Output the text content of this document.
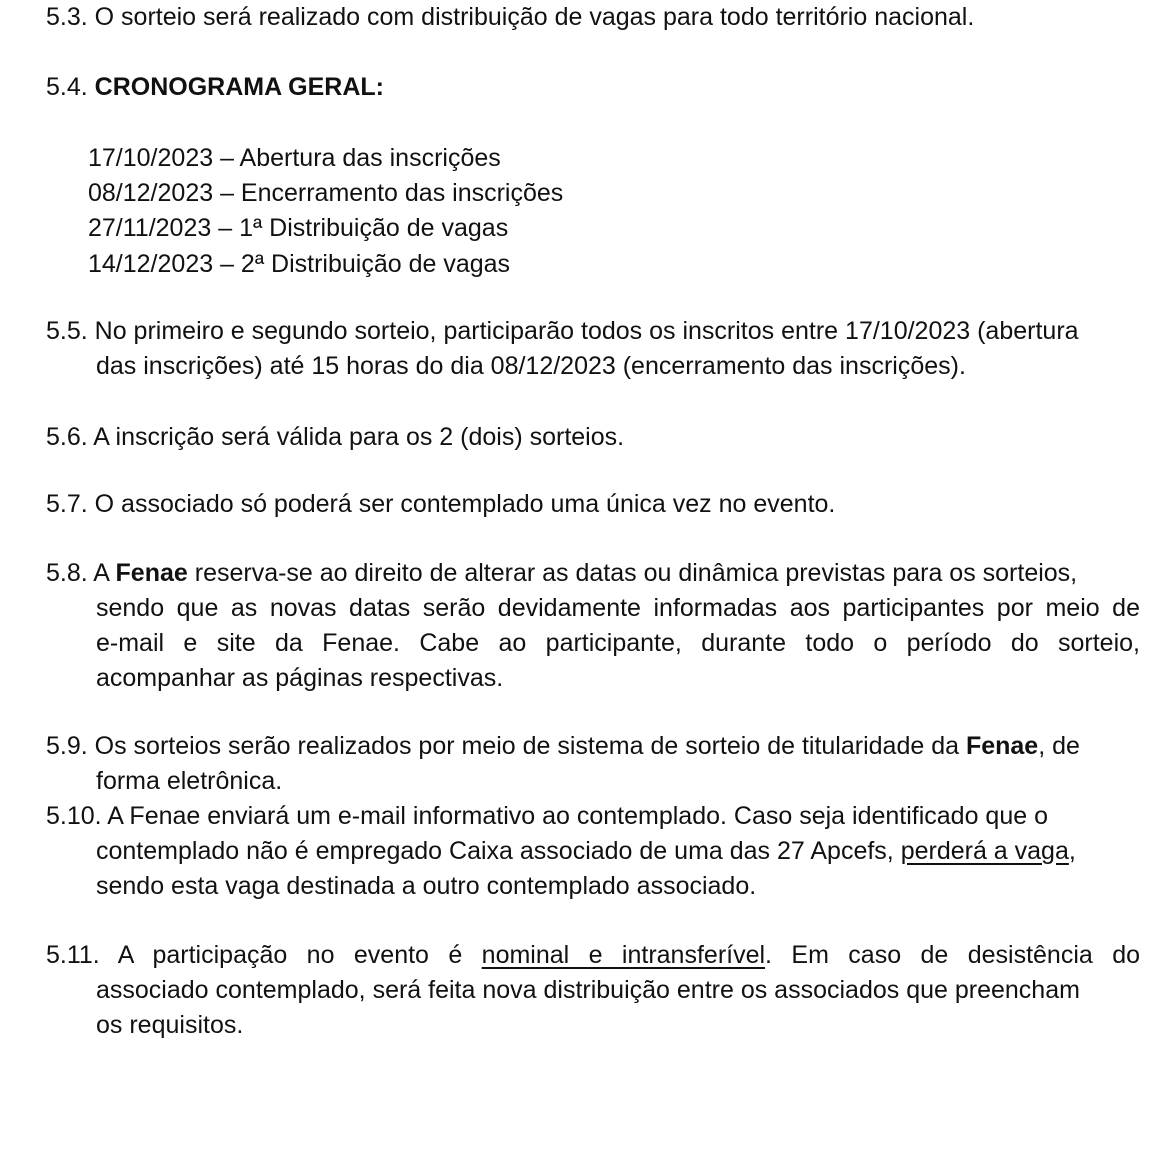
5.3. O sorteio será realizado com distribuição de vagas para todo território nacional.
5.4. CRONOGRAMA GERAL:
17/10/2023 – Abertura das inscrições
08/12/2023 – Encerramento das inscrições
27/11/2023 – 1ª Distribuição de vagas
14/12/2023 – 2ª Distribuição de vagas
5.5. No primeiro e segundo sorteio, participarão todos os inscritos entre 17/10/2023 (abertura
das inscrições) até 15 horas do dia 08/12/2023 (encerramento das inscrições).
5.6. A inscrição será válida para os 2 (dois) sorteios.
5.7. O associado só poderá ser contemplado uma única vez no evento.
5.8. A Fenae reserva-se ao direito de alterar as datas ou dinâmica previstas para os sorteios,
sendo que as novas datas serão devidamente informadas aos participantes por meio de
e-mail e site da Fenae. Cabe ao participante, durante todo o período do sorteio,
acompanhar as páginas respectivas.
5.9. Os sorteios serão realizados por meio de sistema de sorteio de titularidade da Fenae, de
forma eletrônica.
5.10. A Fenae enviará um e-mail informativo ao contemplado. Caso seja identificado que o
contemplado não é empregado Caixa associado de uma das 27 Apcefs, perderá a vaga,
sendo esta vaga destinada a outro contemplado associado.
5.11. A participação no evento é nominal e intransferível. Em caso de desistência do
associado contemplado, será feita nova distribuição entre os associados que preencham
os requisitos.
